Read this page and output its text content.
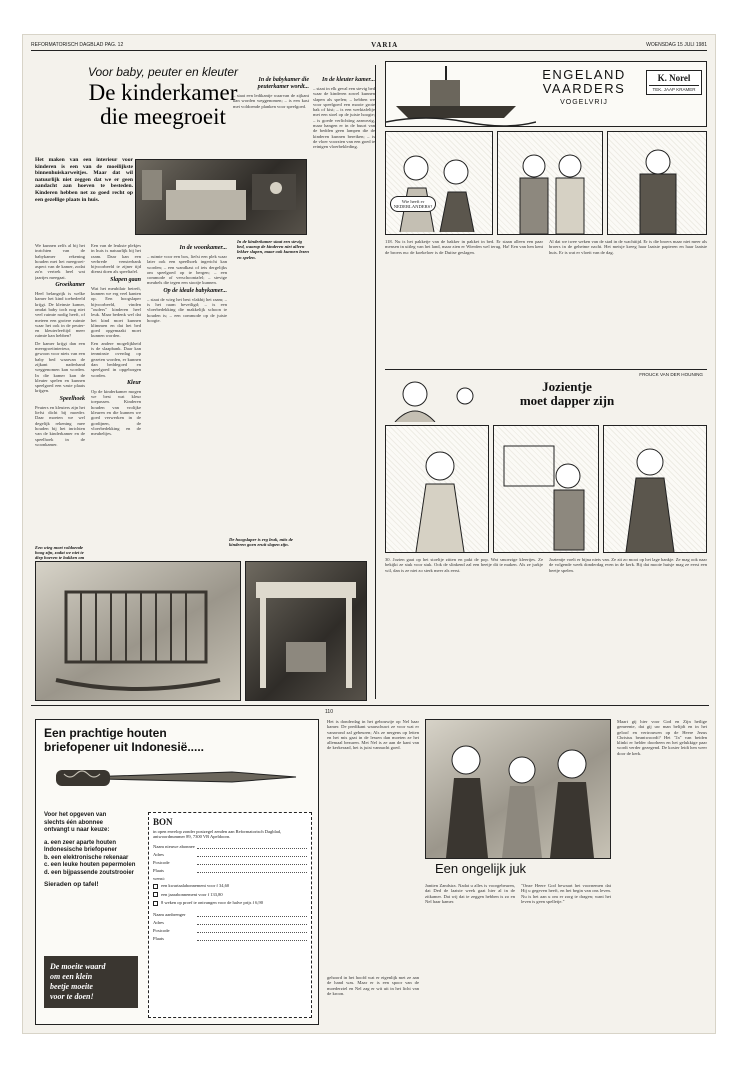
REFORMATORISCH DAGBLAD PAG. 12	VARIA	WOENSDAG 15 JULI 1981
Voor baby, peuter en kleuter
De kinderkamer
die meegroeit
Het maken van een interieur voor kinderen is een van de moeilijkste binnenhuiskarweitjes. Maar dat wil natuurlijk niet zeggen dat we er geen aandacht aan hoeven te besteden. Kinderen hebben net zo goed recht op een gezellige plaats in huis.
In de kinderkamer staat een stevig bed, waarop de kinderen niet alleen lekker slapen, maar ook kunnen lezen en spelen.

We kunnen zelfs al bij het inrichten van de babykamer rekening houden met het meegroei-aspect van de kamer, zodat zo'n vertrek heel wat jaartjes meegaat.

Groeikamer

Heel belangrijk is welke kamer het kind toebedeeld krijgt. De kleinste kamer, omdat baby toch nog niet veel ruimte nodig heeft, of meteen een grotere ruimte waar het ook in de peuter- en kleuterleeftijd meer ruimte kan hebben?

De kamer krijgt dan een meergroeiinterieur, gewoon voor niets van een baby bed waarvan de zijkant naderhand weggenomen kan worden. In die kamer kan de kleuter spelen en kunnen speelgoed een vaste plaats krijgen.

Speelhoek

Peuters en kleuters zijn het liefst dicht bij moeder. Daar moeten we wel degelijk rekening mee houden bij het inrichten van de kinderkamer en de speelhoek in de woonkamer.

Een wieg moet voldoende hoog zijn, zodat we niet te diep hoeven te bukken om

Een van de leukste plekjes in huis is natuurlijk bij het raam. Daar kan een verbrede vensterbank bijvoorbeeld te zijner tijd dienst doen als speeltafel.

Slapen gaan

Wat het meubilair betreft, kunnen we erg veel kanten op. Een hoogslaper bijvoorbeeld, vinden "ouders" kinderen heel leuk. Maar bedenk wel dat het kind moet kunnen klimmen en dat het bed goed opgemaakt moet kunnen worden.

Een andere mogelijkheid is de slaapbank. Daar kan tenminste overdag op gezeten worden, er kunnen dan beddegoed en speelgoed in opgeborgen worden.

Kleur

Op de kinderkamer mogen we best wat kleur toepassen. Kinderen houden van vrolijke kleuren en die kunnen we goed verwerken in de gordijnen, de vloerbedekking en de meubeltjes.

In de woonkamer...

– ruimte voor een box, liefst een plek waar later ook een speelhoek ingericht kan worden; – een wandkast of iets dergelijks om speelgoed op te bergen; – een commode of verschoontafel; – stevige meubels die tegen een stootje kunnen.

Op de ideale babykamer...

– staat de wieg het best vlakbij het raam; – is het raam beveiligd; – is een vloerbedekking die makkelijk schoon te houden is; – een commode op de juiste hoogte.

De hoogslaper is erg leuk, mits de kinderen goen eruit slapen zijn.
In de babykamer die peuterkamer wordt...

– staat een ledikantje waarvan de zijkant kan worden weggenomen; – is een kast met voldoende planken voor speelgoed.

In de kleuter kamer...

– staat in elk geval een stevig bed waar de kinderen zowel kunnen slapen als spelen; – hebben we voor speelgoed een mooie grote bak of kist; – is een werktafeltje met een stoel op de juiste hoogte; – is goede verlichting aanwezig, maar hangen er in de buurt van de bedden geen lampen die de kinderen kunnen bereiken; – is de vloer voorzien van een goed te reinigen vloerbekleding.

ENGELAND
VAARDERS
VOGELVRIJ
K. Norel
TEK. JAAP KRAMER
Wie heeft er NEDERLANDERS?
118. Nu is het pakketje van de bakker in pakket in bed. Er staan alleen een paar mensen in uitleg van het land, maar zien er Wierden wel terug. Ha! Een van hen kent de broers nu: de koekeloer is de Duitse geslagen.
Al dat we twee weken van de stad in de wachttijd. Er is die broers maar niet meer als broers in de geheime nacht. Het meisje kreeg haar laatste papieren en haar laatste huis. Er is wat er vloeit van de dag.
FROUCK VAN DER HOUNING
Jozientje
moet dapper zijn
30. Jozien gaat op het stoeltje zitten en pakt de pop. Wat smoezige kleertjes. Ze bekijkt ze stuk voor stuk. Ook de slinkend zal een beetje dit te maken. Als ze jurkje wil, dan is ze niet zo sterk meer als eerst.
Jozientje voelt er bijna niets van. Ze zit zo mooi op het lage bankje. Ze mag ook naar de volgende week donderdag even in de kerk. Bij dat mooie huisje mag ze eerst een beetje spelen.
110
Een prachtige houten
briefopener uit Indonesië.....
Voor het opgeven van
slechts één abonnee
ontvangt u naar keuze:
a. een zeer aparte houten Indonesische briefopener
b. een elektronische rekenaar
c. een leuke houten pepermolen
d. een bijpassende zoutstrooier
Sieraden op tafel!
De moeite waard
om een klein
beetje moeite
voor te doen!
BON
in open envelop zonder postzegel zenden aan Reformatorisch Dagblad, antwoordnummer 89, 7300 VB Apeldoorn.
Naam nieuwe abonnee
Adres
Postcode
Plaats
wenst:
een kwartaalabonnement voor f 34,60
een jaarabonnement voor f 133,80
8 weken op proef te ontvangen voor de halve prijs f 6,90
Naam aanbrenger
Adres
Postcode
Plaats
Het is donderdag in het gebouwtje op Nel haar kamer. De predikant waarschuwt ze voor wat er vanavond zal gebeuren; Als ze nergens op letten en het mis gaat in de lessen dan moeten ze het allemaal bezuren. Met Nel is ze aan de kant van de kerkeraad, het is juist vannacht goed.
Een ongelijk juk
Jantien Zandstra. Nadat u alles is voorgebeuren, dat Ded de laatste week gaat hier al in de zitkamer. Dat wij dat te zeggen hebben is zo en Nel haar kamer.
"Onze Heere God bewaart het voornemen dat Hij u gegeven heeft, en het begin van ons leven. Nu is het aan u om er zorg te dragen; want het leven is geen spelletje."
Maart gij hier voor God en Zijn heilige gemeente, dat gij uw man belijdt en in het geloof en vertrouwen op de Heere Jezus Christus beantwoordt? Het "Ja" van beiden klinkt er helder doorheen en het gelukkige paar wordt verder gezegend. De koster leidt hen weer door de kerk.
gehoord in het hoofd wat er eigenlijk met ze aan de hand was. Maar er is een spoor van de moederziel en Nel zag er wit uit in het licht van de kroon.
